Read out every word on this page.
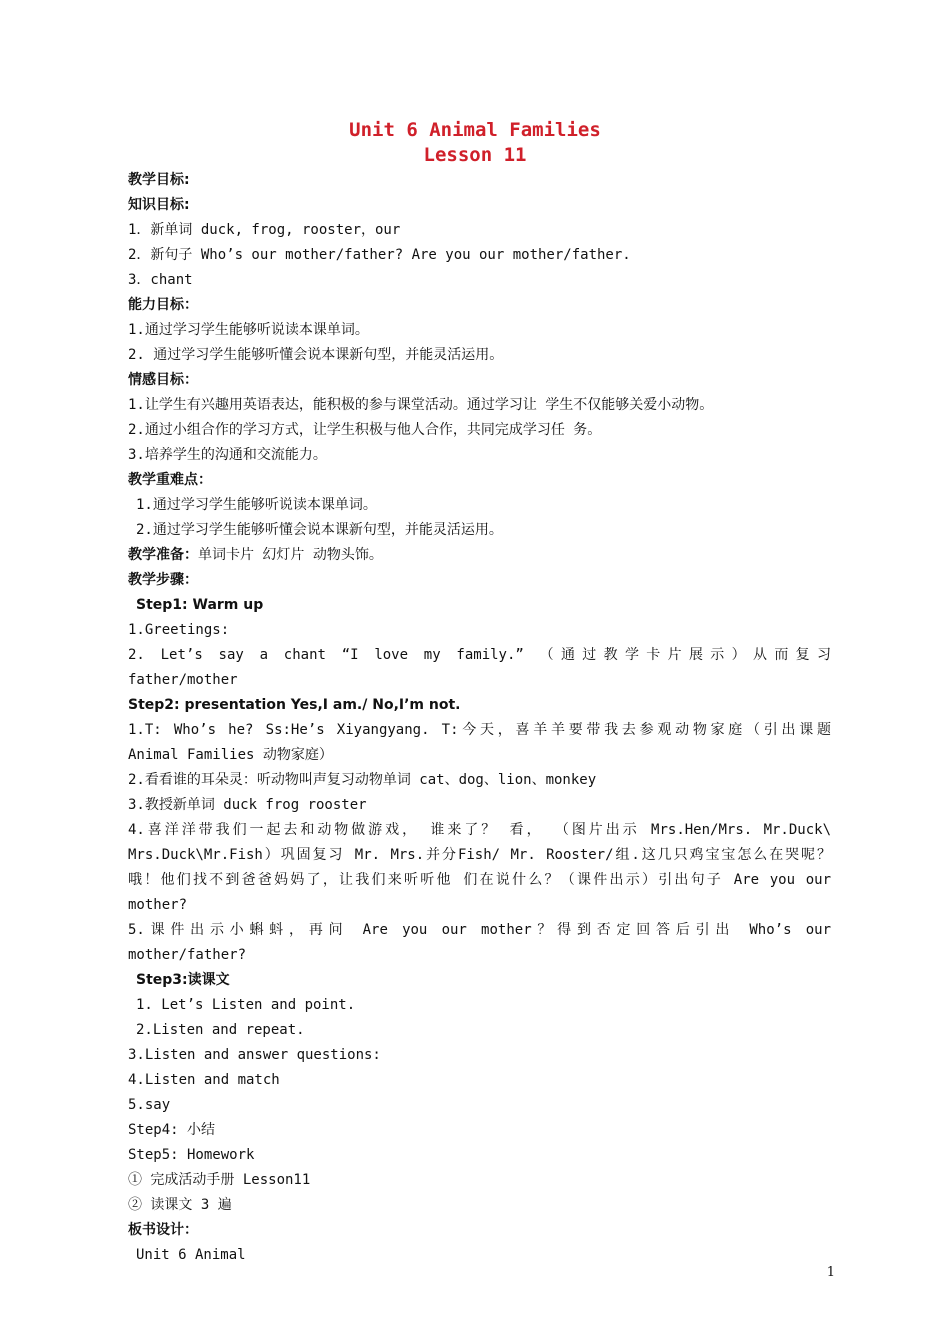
Unit 6 Animal Families
Lesson 11
教学目标:
知识目标:
1．新单词 duck, frog, rooster，our
2．新句子 Who’s our mother/father? Are you our mother/father.
3．chant
能力目标：
1.通过学习学生能够听说读本课单词。
2. 通过学习学生能够听懂会说本课新句型，并能灵活运用。
情感目标：
1.让学生有兴趣用英语表达，能积极的参与课堂活动。通过学习让 学生不仅能够关爱小动物。
2.通过小组合作的学习方式，让学生积极与他人合作，共同完成学习任 务。
3.培养学生的沟通和交流能力。
教学重难点：
1.通过学习学生能够听说读本课单词。
2.通过学习学生能够听懂会说本课新句型，并能灵活运用。
教学准备：单词卡片 幻灯片 动物头饰。
教学步骤：
Step1: Warm up
1.Greetings:
2. Let’s say a chant “I love my family.” （通过教学卡片展示）从而复习
father/mother
Step2: presentation Yes,I am./ No,I’m not.
1.T: Who’s he? Ss:He’s Xiyangyang. T:今天，喜羊羊要带我去参观动物家庭（引出课题
Animal Families 动物家庭）
2.看看谁的耳朵灵：听动物叫声复习动物单词 cat、dog、lion、monkey
3.教授新单词 duck frog rooster
4.喜洋洋带我们一起去和动物做游戏， 谁来了？ 看， （图片出示 Mrs.Hen/Mrs. Mr.Duck\
Mrs.Duck\Mr.Fish）巩固复习 Mr. Mrs.并分Fish/ Mr. Rooster/组.这几只鸡宝宝怎么在哭呢？
哦！他们找不到爸爸妈妈了，让我们来听听他 们在说什么？（课件出示）引出句子 Are you our
mother?
5.课件出示小蝌蚪，再问 Are you our mother？得到否定回答后引出 Who’s our
mother/father?
Step3:读课文
1. Let’s Listen and point.
2.Listen and repeat.
3.Listen and answer questions:
4.Listen and match
5.say
Step4: 小结
Step5: Homework
① 完成活动手册 Lesson11
② 读课文 3 遍
板书设计：
Unit 6 Animal
1
